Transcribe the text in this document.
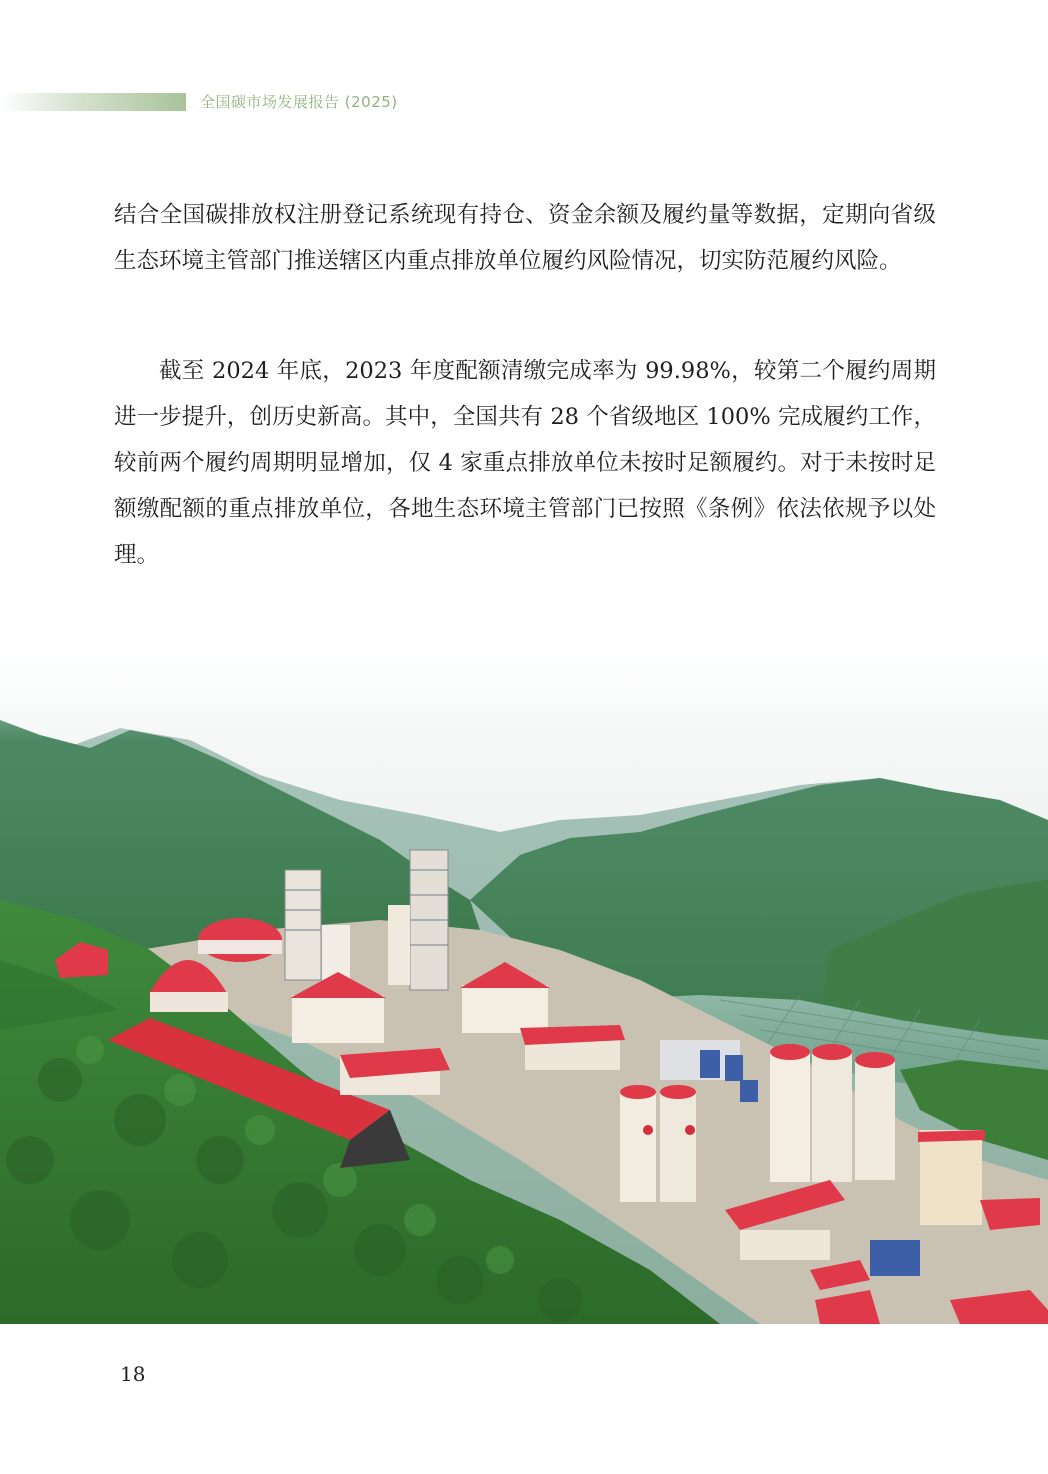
全国碳市场发展报告 (2025)

结合全国碳排放权注册登记系统现有持仓、资金余额及履约量等数据，定期向省级生态环境主管部门推送辖区内重点排放单位履约风险情况，切实防范履约风险。

截至 2024 年底，2023 年度配额清缴完成率为 99.98%，较第二个履约周期进一步提升，创历史新高。其中，全国共有 28 个省级地区 100% 完成履约工作，较前两个履约周期明显增加，仅 4 家重点排放单位未按时足额履约。对于未按时足额缴配额的重点排放单位，各地生态环境主管部门已按照《条例》依法依规予以处理。

18
